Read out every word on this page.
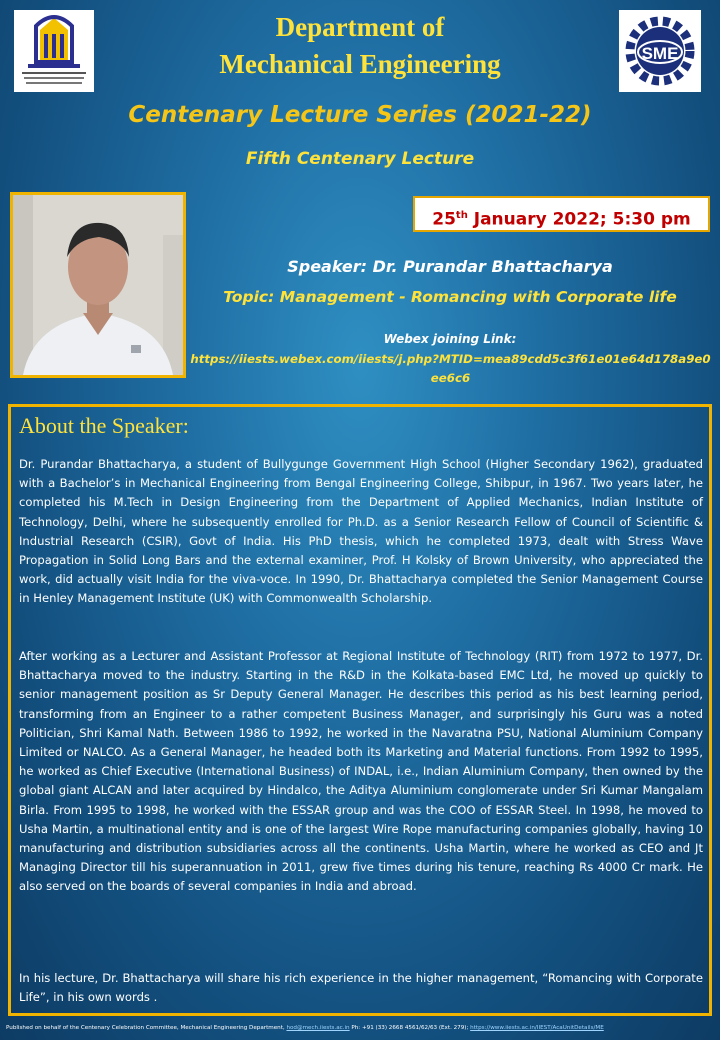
SME
Department of
Mechanical Engineering
Centenary Lecture Series (2021-22)
Fifth Centenary Lecture
25th January 2022; 5:30 pm
Speaker: Dr. Purandar Bhattacharya
Topic: Management - Romancing with Corporate life
Webex joining Link:
https://iiests.webex.com/iiests/j.php?MTID=mea89cdd5c3f61e01e64d178a9e0ee6c6
About the Speaker:

Dr. Purandar Bhattacharya, a student of Bullygunge Government High School (Higher Secondary 1962), graduated with a Bachelor’s in Mechanical Engineering from Bengal Engineering College, Shibpur, in 1967. Two years later, he completed his M.Tech in Design Engineering from the Department of Applied Mechanics, Indian Institute of Technology, Delhi, where he subsequently enrolled for Ph.D. as a Senior Research Fellow of Council of Scientific & Industrial Research (CSIR), Govt of India. His PhD thesis, which he completed 1973, dealt with Stress Wave Propagation in Solid Long Bars and the external examiner, Prof. H Kolsky of Brown University, who appreciated the work, did actually visit India for the viva-voce. In 1990, Dr. Bhattacharya completed the Senior Management Course in Henley Management Institute (UK) with Commonwealth Scholarship.

After working as a Lecturer and Assistant Professor at Regional Institute of Technology (RIT) from 1972 to 1977, Dr. Bhattacharya moved to the industry. Starting in the R&D in the Kolkata-based EMC Ltd, he moved up quickly to senior management position as Sr Deputy General Manager. He describes this period as his best learning period, transforming from an Engineer to a rather competent Business Manager, and surprisingly his Guru was a noted Politician, Shri Kamal Nath. Between 1986 to 1992, he worked in the Navaratna PSU, National Aluminium Company Limited or NALCO. As a General Manager, he headed both its Marketing and Material functions. From 1992 to 1995, he worked as Chief Executive (International Business) of INDAL, i.e., Indian Aluminium Company, then owned by the global giant ALCAN and later acquired by Hindalco, the Aditya Aluminium conglomerate under Sri Kumar Mangalam Birla. From 1995 to 1998, he worked with the ESSAR group and was the COO of ESSAR Steel. In 1998, he moved to Usha Martin, a multinational entity and is one of the largest Wire Rope manufacturing companies globally, having 10 manufacturing and distribution subsidiaries across all the continents. Usha Martin, where he worked as CEO and Jt Managing Director till his superannuation in 2011, grew five times during his tenure, reaching Rs 4000 Cr mark. He also served on the boards of several companies in India and abroad.

In his lecture, Dr. Bhattacharya will share his rich experience in the higher management, “Romancing with Corporate Life”, in his own words .

Published on behalf of the Centenary Celebration Committee, Mechanical Engineering Department, hod@mech.iiests.ac.in Ph: +91 (33) 2668 4561/62/63 (Ext. 279); https://www.iiests.ac.in/IIEST/AcaUnitDetails/ME
